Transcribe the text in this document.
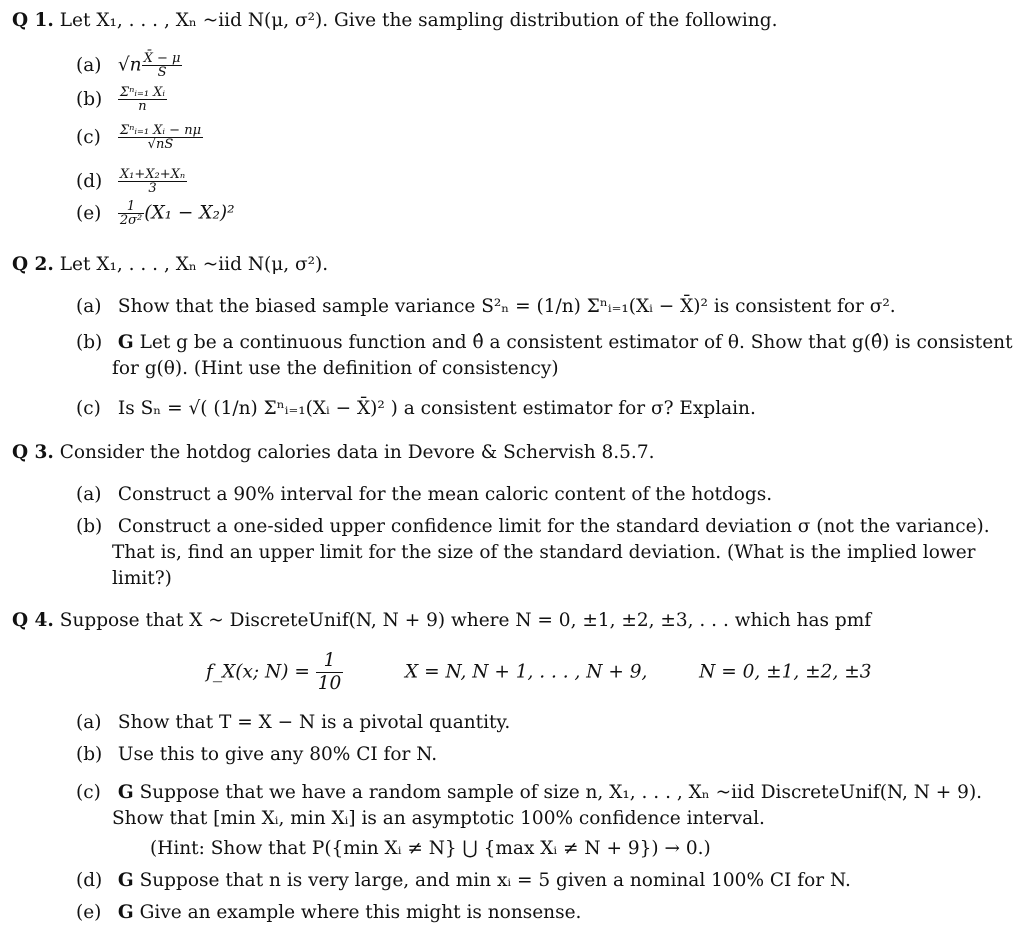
Q 1. Let X₁, . . . , Xₙ ~iid N(μ, σ²). Give the sampling distribution of the following.
(a) $√n \frac{X̄ - \mu}{S}$
$(b) \frac{\text{Σⁿᵢ₌₁ Xᵢ}}{n}$
$(c) \frac{\text{Σⁿᵢ₌₁ Xᵢ − nμ}}{√nS}$
$(d) \frac{\text{X₁+X₂+Xₙ}}{3}$
$(e) \frac{1}{\text{2σ²}} (X_1 - X_2)^2$
Q 2. Let X₁, . . . , Xₙ ~iid N(μ, σ²).
(a) Show that the biased sample variance S²ₙ = (1/n) Σⁿᵢ₌₁(Xᵢ − X̄)² is consistent for σ².
(b) G Let g be a continuous function and θ̂ a consistent estimator of θ. Show that g(θ̂) is consistent
for g(θ). (Hint use the definition of consistency)
(c) Is Sₙ = √( (1/n) Σⁿᵢ₌₁(Xᵢ − X̄)² ) a consistent estimator for σ? Explain.
Q 3. Consider the hotdog calories data in Devore & Schervish 8.5.7.
(a) Construct a 90% interval for the mean caloric content of the hotdogs.
(b) Construct a one-sided upper confidence limit for the standard deviation σ (not the variance).
That is, find an upper limit for the size of the standard deviation. (What is the implied lower
limit?)
Q 4. Suppose that X ~ DiscreteUnif(N, N + 9) where N = 0, ±1, ±2, ±3, . . . which has pmf
f_X(x; $N) = \frac{1}{10}$	X = N, N + 1, . . . , N + 9,	N = 0, ±1, ±2, ±3
(a) Show that T = X − N is a pivotal quantity.
(b) Use this to give any 80% CI for N.
(c) G Suppose that we have a random sample of size n, X₁, . . . , Xₙ ~iid DiscreteUnif(N, N + 9).
Show that [min Xᵢ, min Xᵢ] is an asymptotic 100% confidence interval.
(Hint: Show that P({min Xᵢ ≠ N} ⋃ {max Xᵢ ≠ N + 9}) → 0.)
(d) G Suppose that n is very large, and min xᵢ = 5 given a nominal 100% CI for N.
(e) G Give an example where this might is nonsense.
